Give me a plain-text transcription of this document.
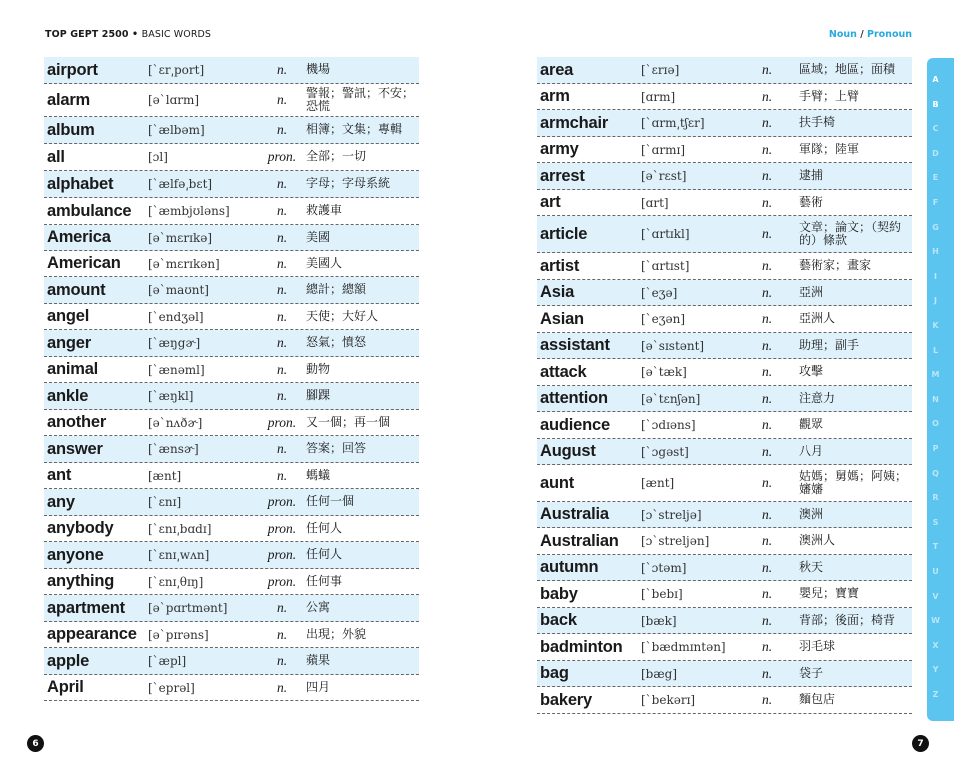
TOP GEPT 2500 • BASIC WORDS	Noun / Pronoun
airport	[ˋɛr͵port]	n.	機場
alarm	[əˋlɑrm]	n.	警報；警訊；不安；恐慌
album	[ˋælbəm]	n.	相簿；文集；專輯
all	[ɔl]	pron. 全部；一切
alphabet	[ˋælfə͵bɛt]	n.	字母；字母系統
ambulance [ˋæmbjʊləns]	n.	救護車
America	[əˋmɛrɪkə]	n.	美國
American [əˋmɛrɪkən]	n.	美國人
amount	[əˋmaʊnt]	n.	總計；總額
angel	[ˋendʒəl]	n.	天使；大好人
anger	[ˋæŋgɚ]	n.	怒氣；憤怒
animal	[ˋænəml]	n.	動物
ankle	[ˋæŋkl]	n.	腳踝
another	[əˋnʌðɚ]	pron. 又一個；再一個
answer	[ˋænsɚ]	n.	答案；回答
ant	[ænt]	n.	螞蟻
any	[ˋɛnɪ]	pron. 任何一個
anybody	[ˋɛnɪ͵bɑdɪ]	pron. 任何人
anyone	[ˋɛnɪ͵wʌn]	pron. 任何人
anything	[ˋɛnɪ͵θɪŋ]	pron. 任何事
apartment [əˋpɑrtmənt]	n.	公寓
appearance [əˋpɪrəns]	n.	出現；外貌
apple	[ˋæpl]	n.	蘋果
April	[ˋeprəl]	n.	四月
area	[ˋɛrɪə]	n.	區域；地區；面積
arm	[ɑrm]	n.	手臂；上臂
armchair	[ˋɑrm͵tʃɛr]	n.	扶手椅
army	[ˋɑrmɪ]	n.	軍隊；陸軍
arrest	[əˋrɛst]	n.	逮捕
art	[ɑrt]	n.	藝術
article	[ˋɑrtɪkl]	n.	文章；論文；（契約的）條款
artist	[ˋɑrtɪst]	n.	藝術家；畫家
Asia	[ˋeʒə]	n.	亞洲
Asian	[ˋeʒən]	n.	亞洲人
assistant	[əˋsɪstənt]	n.	助理；副手
attack	[əˋtæk]	n.	攻擊
attention	[əˋtɛnʃən]	n.	注意力
audience	[ˋɔdɪəns]	n.	觀眾
August	[ˋɔgəst]	n.	八月
aunt	[ænt]	n.	姑媽；舅媽；阿姨；嬸嬸
Australia	[ɔˋstreljə]	n.	澳洲
Australian [ɔˋstreljən]	n.	澳洲人
autumn	[ˋɔtəm]	n.	秋天
baby	[ˋbebɪ]	n.	嬰兒；寶寶
back	[bæk]	n.	背部；後面；椅背
badminton [ˋbædmɪntən]	n.	羽毛球
bag	[bæg]	n.	袋子
bakery	[ˋbekərɪ]	n.	麵包店
A
B
C
D
E
F
G
H
I
J
K
L
M
N
O
P
Q
R
S
T
U
V
W
X
Y
Z
6	7
